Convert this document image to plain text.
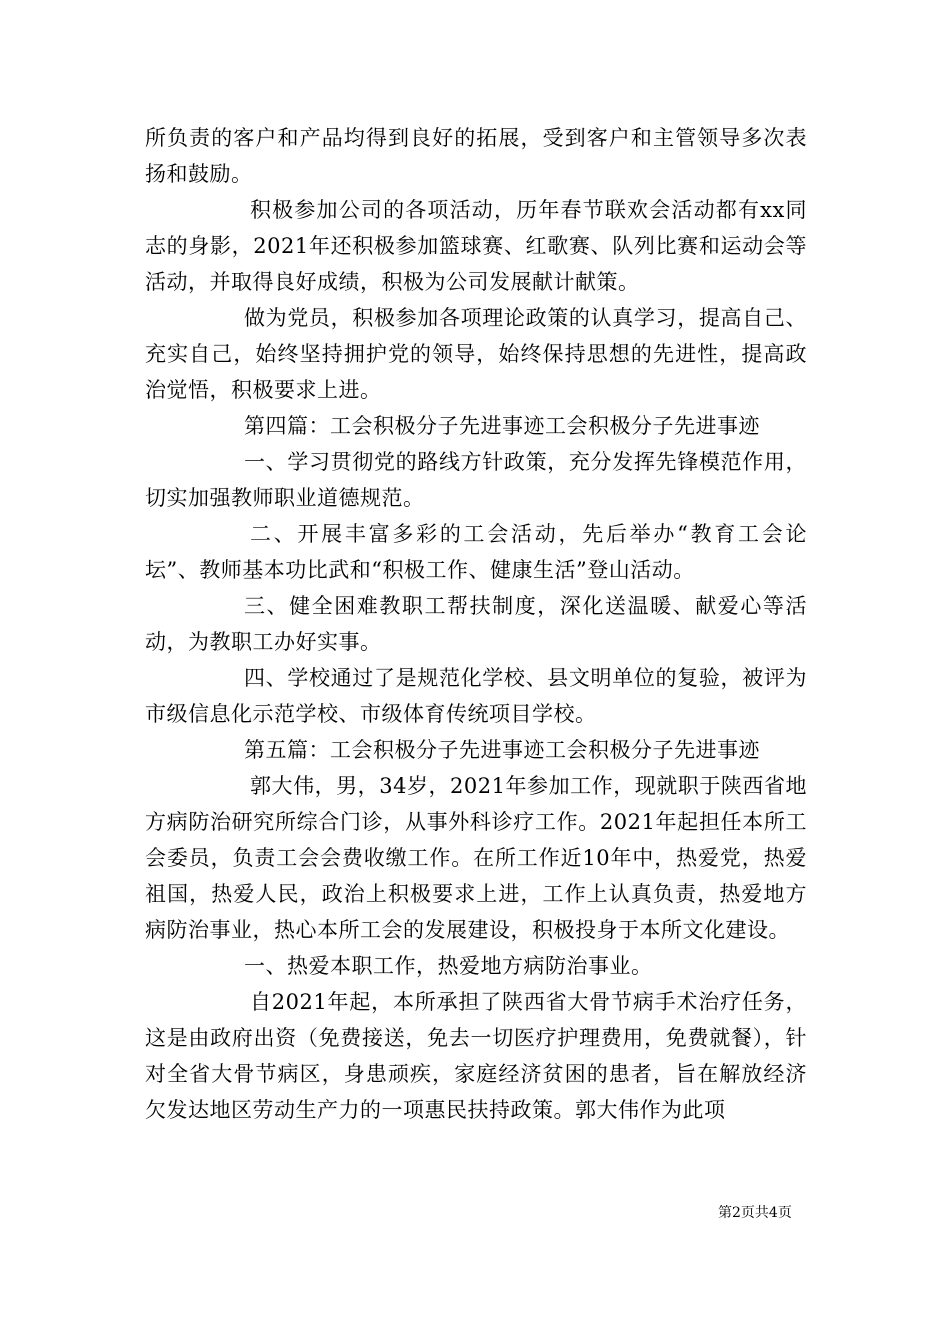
所负责的客户和产品均得到良好的拓展，受到客户和主管领导多次表扬和鼓励。

积极参加公司的各项活动，历年春节联欢会活动都有xx同志的身影，2021年还积极参加篮球赛、红歌赛、队列比赛和运动会等活动，并取得良好成绩，积极为公司发展献计献策。

做为党员，积极参加各项理论政策的认真学习，提高自己、充实自己，始终坚持拥护党的领导，始终保持思想的先进性，提高政治觉悟，积极要求上进。

第四篇：工会积极分子先进事迹工会积极分子先进事迹

一、学习贯彻党的路线方针政策，充分发挥先锋模范作用，切实加强教师职业道德规范。

二、开展丰富多彩的工会活动，先后举办“教育工会论坛”、教师基本功比武和“积极工作、健康生活”登山活动。

三、健全困难教职工帮扶制度，深化送温暖、献爱心等活动，为教职工办好实事。

四、学校通过了是规范化学校、县文明单位的复验，被评为市级信息化示范学校、市级体育传统项目学校。

第五篇：工会积极分子先进事迹工会积极分子先进事迹

郭大伟，男，34岁，2021年参加工作，现就职于陕西省地方病防治研究所综合门诊，从事外科诊疗工作。2021年起担任本所工会委员，负责工会会费收缴工作。在所工作近10年中，热爱党，热爱祖国，热爱人民，政治上积极要求上进，工作上认真负责，热爱地方病防治事业，热心本所工会的发展建设，积极投身于本所文化建设。

一、热爱本职工作，热爱地方病防治事业。

自2021年起，本所承担了陕西省大骨节病手术治疗任务，这是由政府出资（免费接送，免去一切医疗护理费用，免费就餐），针对全省大骨节病区，身患顽疾，家庭经济贫困的患者，旨在解放经济欠发达地区劳动生产力的一项惠民扶持政策。郭大伟作为此项

第2页共4页
